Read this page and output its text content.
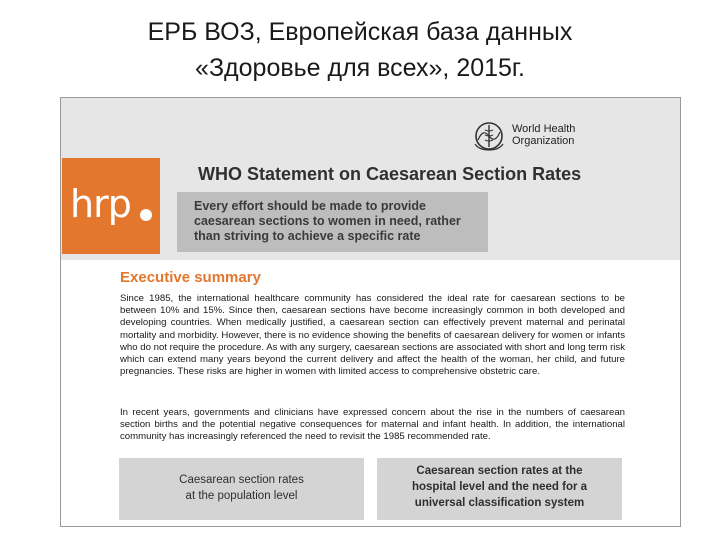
ЕРБ ВОЗ, Европейская база данных
«Здоровье для всех», 2015г.
hrp
World Health
Organization
WHO Statement on Caesarean Section Rates
Every effort should be made to provide caesarean sections to women in need, rather than striving to achieve a specific rate
Executive summary
Since 1985, the international healthcare community has considered the ideal rate for caesarean sections to be between 10% and 15%. Since then, caesarean sections have become increasingly common in both developed and developing countries. When medically justified, a caesarean section can effectively prevent maternal and perinatal mortality and morbidity. However, there is no evidence showing the benefits of caesarean delivery for women or infants who do not require the procedure. As with any surgery, caesarean sections are associated with short and long term risk which can extend many years beyond the current delivery and affect the health of the woman, her child, and future pregnancies. These risks are higher in women with limited access to comprehensive obstetric care.
In recent years, governments and clinicians have expressed concern about the rise in the numbers of caesarean section births and the potential negative consequences for maternal and infant health. In addition, the international community has increasingly referenced the need to revisit the 1985 recommended rate.
Caesarean section rates
at the population level
Caesarean section rates at the
hospital level and the need for a
universal classification system
